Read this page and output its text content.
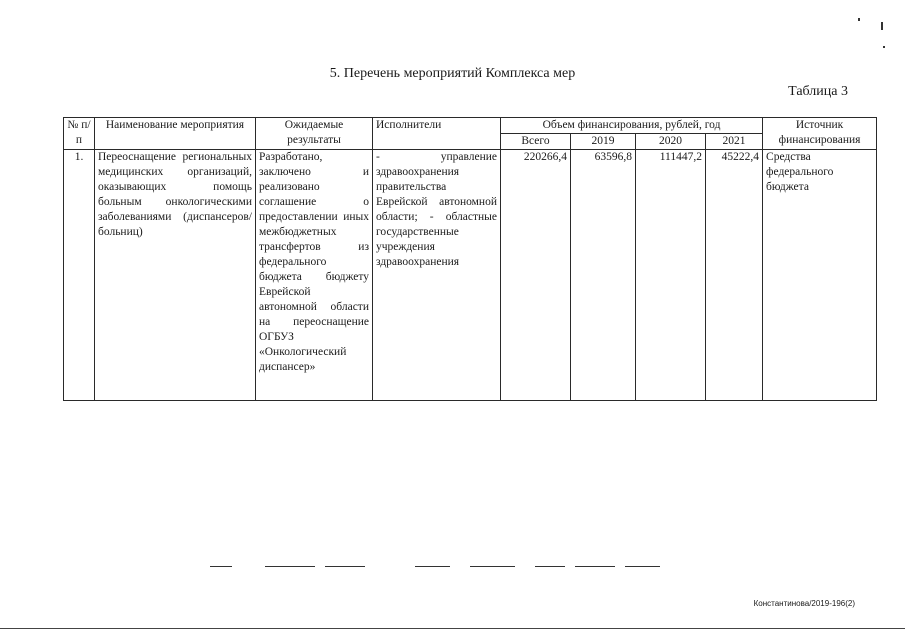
5. Перечень мероприятий Комплекса мер
Таблица 3
№ п/п	Наименование мероприятия	Ожидаемые результаты	Исполнители	Объем финансирования, рублей, год				Источник финансирования
				Всего	2019	2020	2021	
1.	Переоснащение региональных медицинских организаций, оказывающих помощь больным онкологическими заболеваниями (диспансеров/больниц)	Разработано, заключено и реализовано соглашение о предоставлении иных межбюджетных трансфертов из федерального бюджета бюджету Еврейской автономной области на переоснащение ОГБУЗ «Онкологический диспансер»	- управление здравоохранения правительства Еврейской автономной области; - областные государственные учреждения здравоохранения	220266,4	63596,8	111447,2	45222,4	Средства федерального бюджета
Константинова/2019-196(2)
